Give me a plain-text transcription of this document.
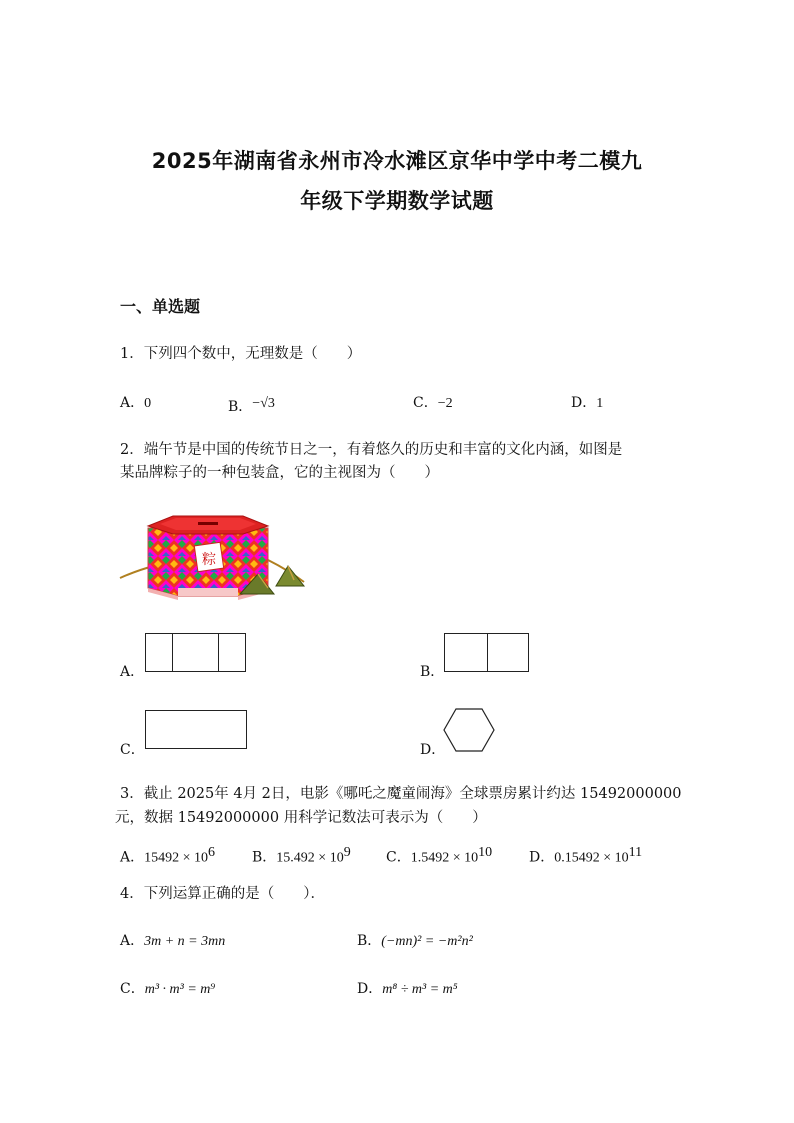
2025年湖南省永州市冷水滩区京华中学中考二模九
年级下学期数学试题
一、单选题
1．下列四个数中，无理数是（　　）
A．0	B．−√3	C．−2	D．1
2．端午节是中国的传统节日之一，有着悠久的历史和丰富的文化内涵，如图是
某品牌粽子的一种包装盒，它的主视图为（　　）
粽
A．	B．
C．	D．
3．截止 2025年 4月 2日，电影《哪吒之魔童闹海》全球票房累计约达 15492000000
元，数据 15492000000 用科学记数法可表示为（　　）
A．$15492 \times 10^6$	B．$15.492 \times 10^9$	C．$1.5492 \times 10^{10}$	D．$0.15492 \times 10^{11}$
4．下列运算正确的是（　　）．
A．3m + n = 3mn	B．(−mn)² = −m²n²
C．m³ · m³ = m⁹	D．m⁸ ÷ m³ = m⁵
